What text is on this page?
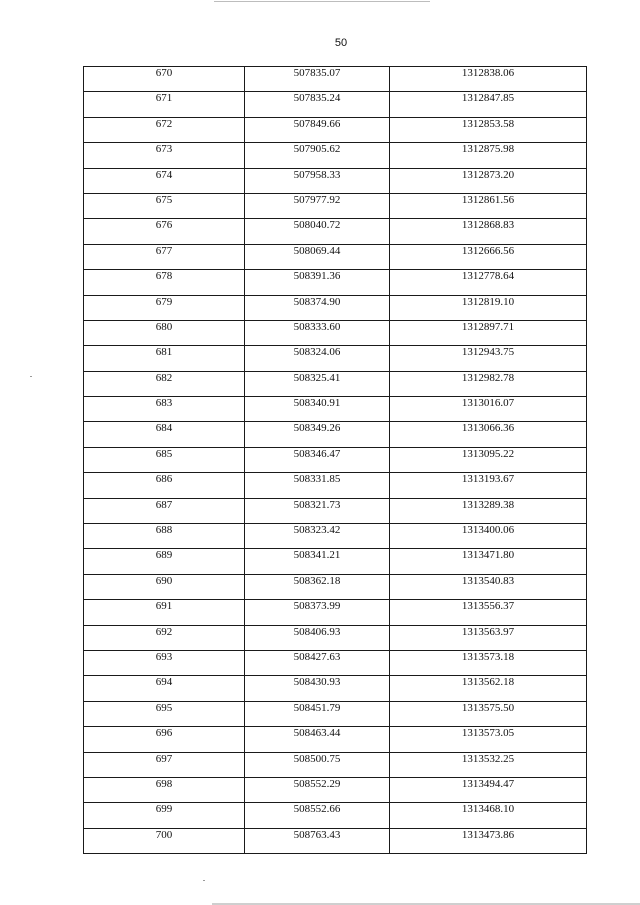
50
670	507835.07	1312838.06
671	507835.24	1312847.85
672	507849.66	1312853.58
673	507905.62	1312875.98
674	507958.33	1312873.20
675	507977.92	1312861.56
676	508040.72	1312868.83
677	508069.44	1312666.56
678	508391.36	1312778.64
679	508374.90	1312819.10
680	508333.60	1312897.71
681	508324.06	1312943.75
682	508325.41	1312982.78
683	508340.91	1313016.07
684	508349.26	1313066.36
685	508346.47	1313095.22
686	508331.85	1313193.67
687	508321.73	1313289.38
688	508323.42	1313400.06
689	508341.21	1313471.80
690	508362.18	1313540.83
691	508373.99	1313556.37
692	508406.93	1313563.97
693	508427.63	1313573.18
694	508430.93	1313562.18
695	508451.79	1313575.50
696	508463.44	1313573.05
697	508500.75	1313532.25
698	508552.29	1313494.47
699	508552.66	1313468.10
700	508763.43	1313473.86
